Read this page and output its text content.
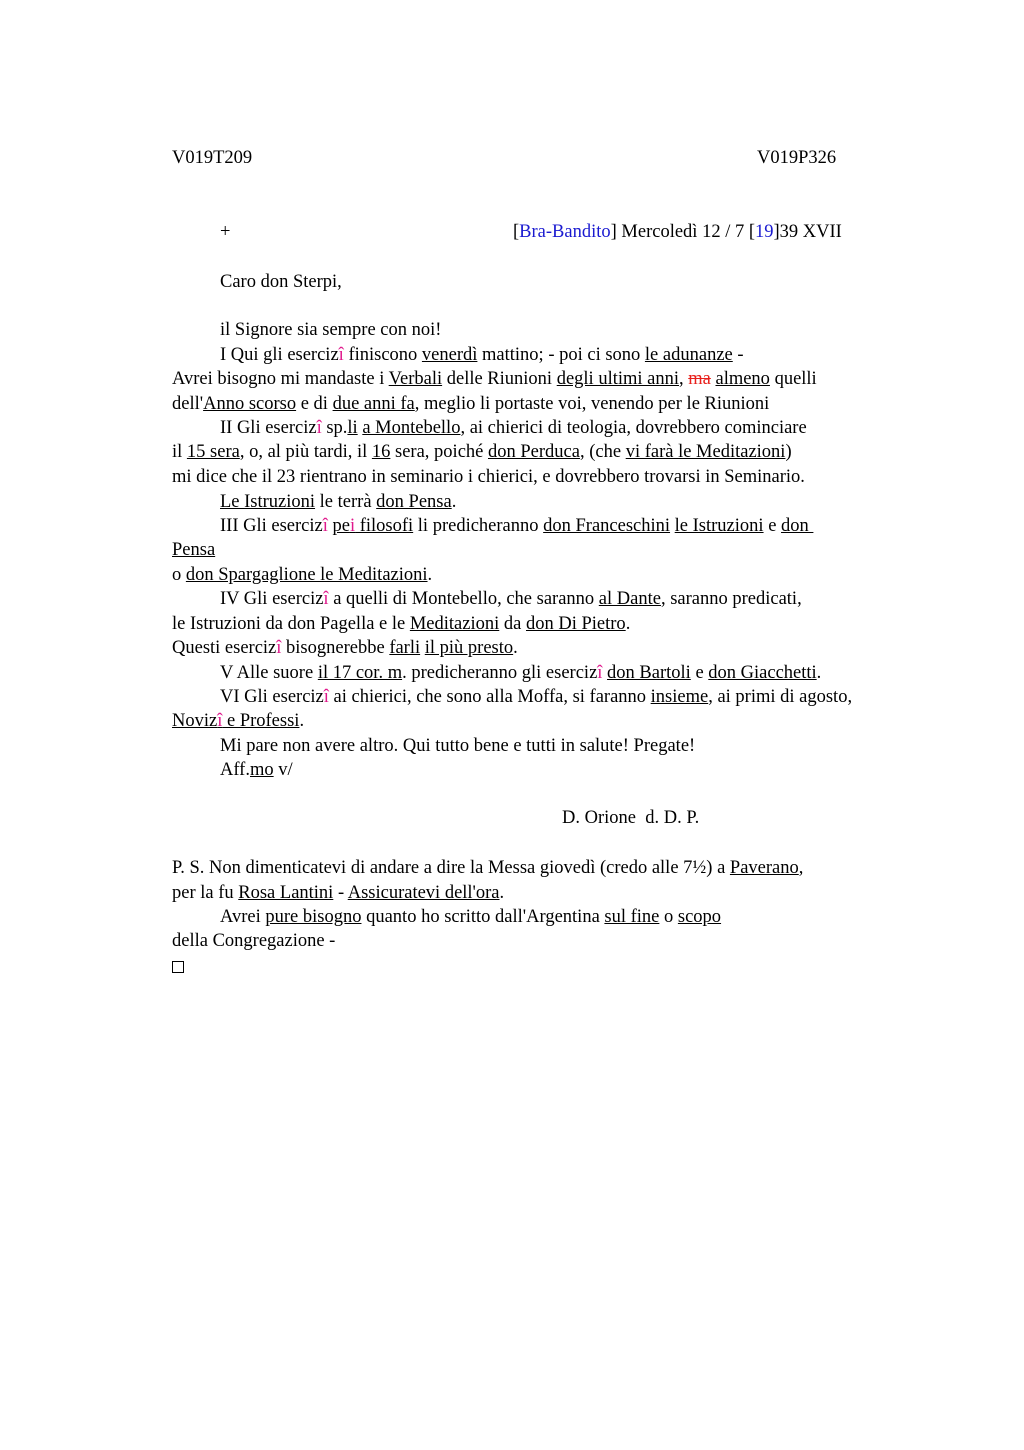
V019T209	V019P326
+	[Bra-Bandito] Mercoledì 12 / 7 [19]39 XVII
Caro don Sterpi,
il Signore sia sempre con noi!
I Qui gli esercizî finiscono venerdì mattino; - poi ci sono le adunanze -
Avrei bisogno mi mandaste i Verbali delle Riunioni degli ultimi anni, ma almeno quelli
dell'Anno scorso e di due anni fa, meglio li portaste voi, venendo per le Riunioni
II Gli esercizî sp.li a Montebello, ai chierici di teologia, dovrebbero cominciare
il 15 sera, o, al più tardi, il 16 sera, poiché don Perduca, (che vi farà le Meditazioni)
mi dice che il 23 rientrano in seminario i chierici, e dovrebbero trovarsi in Seminario.
Le Istruzioni le terrà don Pensa.
III Gli esercizî pei filosofi li predicheranno don Franceschini le Istruzioni e don
Pensa
o don Spargaglione le Meditazioni.
IV Gli esercizî a quelli di Montebello, che saranno al Dante, saranno predicati,
le Istruzioni da don Pagella e le Meditazioni da don Di Pietro.
Questi esercizî bisognerebbe farli il più presto.
V Alle suore il 17 cor. m. predicheranno gli esercizî don Bartoli e don Giacchetti.
VI Gli esercizî ai chierici, che sono alla Moffa, si faranno insieme, ai primi di agosto,
Novizî e Professi.
Mi pare non avere altro. Qui tutto bene e tutti in salute! Pregate!
Aff.mo v/
D. Orione  d. D. P.
P. S. Non dimenticatevi di andare a dire la Messa giovedì (credo alle 7½) a Paverano,
per la fu Rosa Lantini - Assicuratevi dell'ora.
Avrei pure bisogno quanto ho scritto dall'Argentina sul fine o scopo
della Congregazione -
